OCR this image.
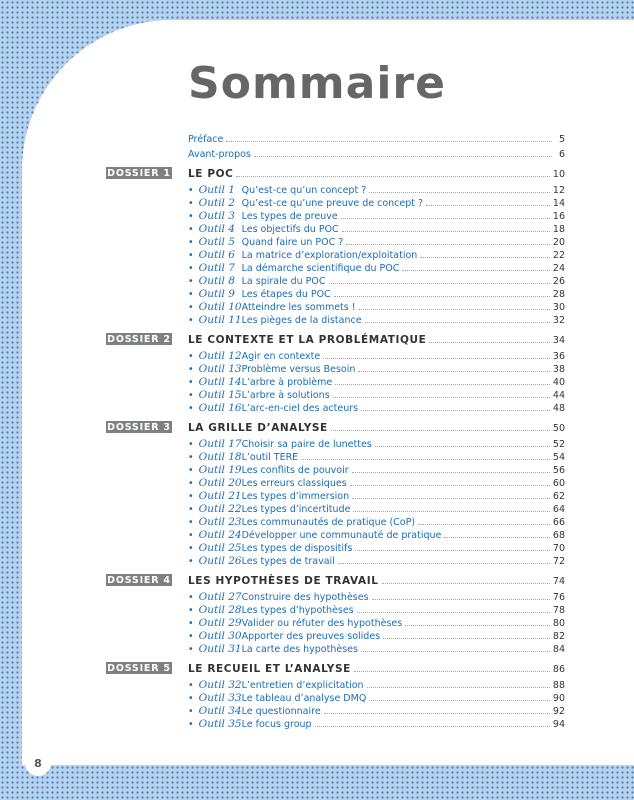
Sommaire
Préface	5
Avant-propos	6
DOSSIER 1 LE POC	10
• Outil 1 Qu’est-ce qu’un concept ?	12
• Outil 2 Qu’est-ce qu’une preuve de concept ?	14
• Outil 3 Les types de preuve	16
• Outil 4 Les objectifs du POC	18
• Outil 5 Quand faire un POC ?	20
• Outil 6 La matrice d’exploration/exploitation	22
• Outil 7 La démarche scientifique du POC	24
• Outil 8 La spirale du POC	26
• Outil 9 Les étapes du POC	28
• Outil 10 Atteindre les sommets !	30
• Outil 11 Les pièges de la distance	32
DOSSIER 2 LE CONTEXTE ET LA PROBLÉMATIQUE	34
• Outil 12 Agir en contexte	36
• Outil 13 Problème versus Besoin	38
• Outil 14 L’arbre à problème	40
• Outil 15 L’arbre à solutions	44
• Outil 16 L’arc-en-ciel des acteurs	48
DOSSIER 3 LA GRILLE D’ANALYSE	50
• Outil 17 Choisir sa paire de lunettes	52
• Outil 18 L’outil TERE	54
• Outil 19 Les conflits de pouvoir	56
• Outil 20 Les erreurs classiques	60
• Outil 21 Les types d’immersion	62
• Outil 22 Les types d’incertitude	64
• Outil 23 Les communautés de pratique (CoP)	66
• Outil 24 Développer une communauté de pratique	68
• Outil 25 Les types de dispositifs	70
• Outil 26 Les types de travail	72
DOSSIER 4 LES HYPOTHÈSES DE TRAVAIL	74
• Outil 27 Construire des hypothèses	76
• Outil 28 Les types d’hypothèses	78
• Outil 29 Valider ou réfuter des hypothèses	80
• Outil 30 Apporter des preuves solides	82
• Outil 31 La carte des hypothèses	84
DOSSIER 5 LE RECUEIL ET L’ANALYSE	86
• Outil 32 L’entretien d’explicitation	88
• Outil 33 Le tableau d’analyse DMQ	90
• Outil 34 Le questionnaire	92
• Outil 35 Le focus group	94
8
